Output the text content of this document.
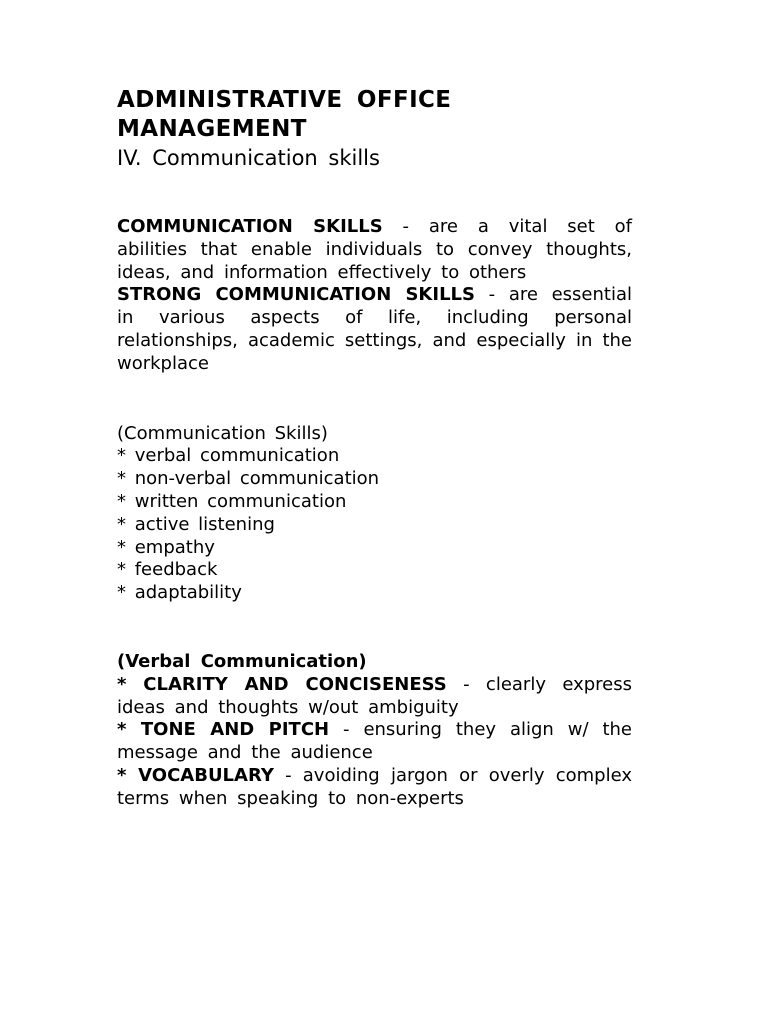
ADMINISTRATIVE OFFICE MANAGEMENT
IV. Communication skills

COMMUNICATION SKILLS - are a vital set of abilities that enable individuals to convey thoughts, ideas, and information effectively to others

STRONG COMMUNICATION SKILLS - are essential in various aspects of life, including personal relationships, academic settings, and especially in the workplace

(Communication Skills)

* verbal communication
* non-verbal communication
* written communication
* active listening
* empathy
* feedback
* adaptability

(Verbal Communication)

* CLARITY AND CONCISENESS - clearly express ideas and thoughts w/out ambiguity
* TONE AND PITCH - ensuring they align w/ the message and the audience
* VOCABULARY - avoiding jargon or overly complex terms when speaking to non-experts
